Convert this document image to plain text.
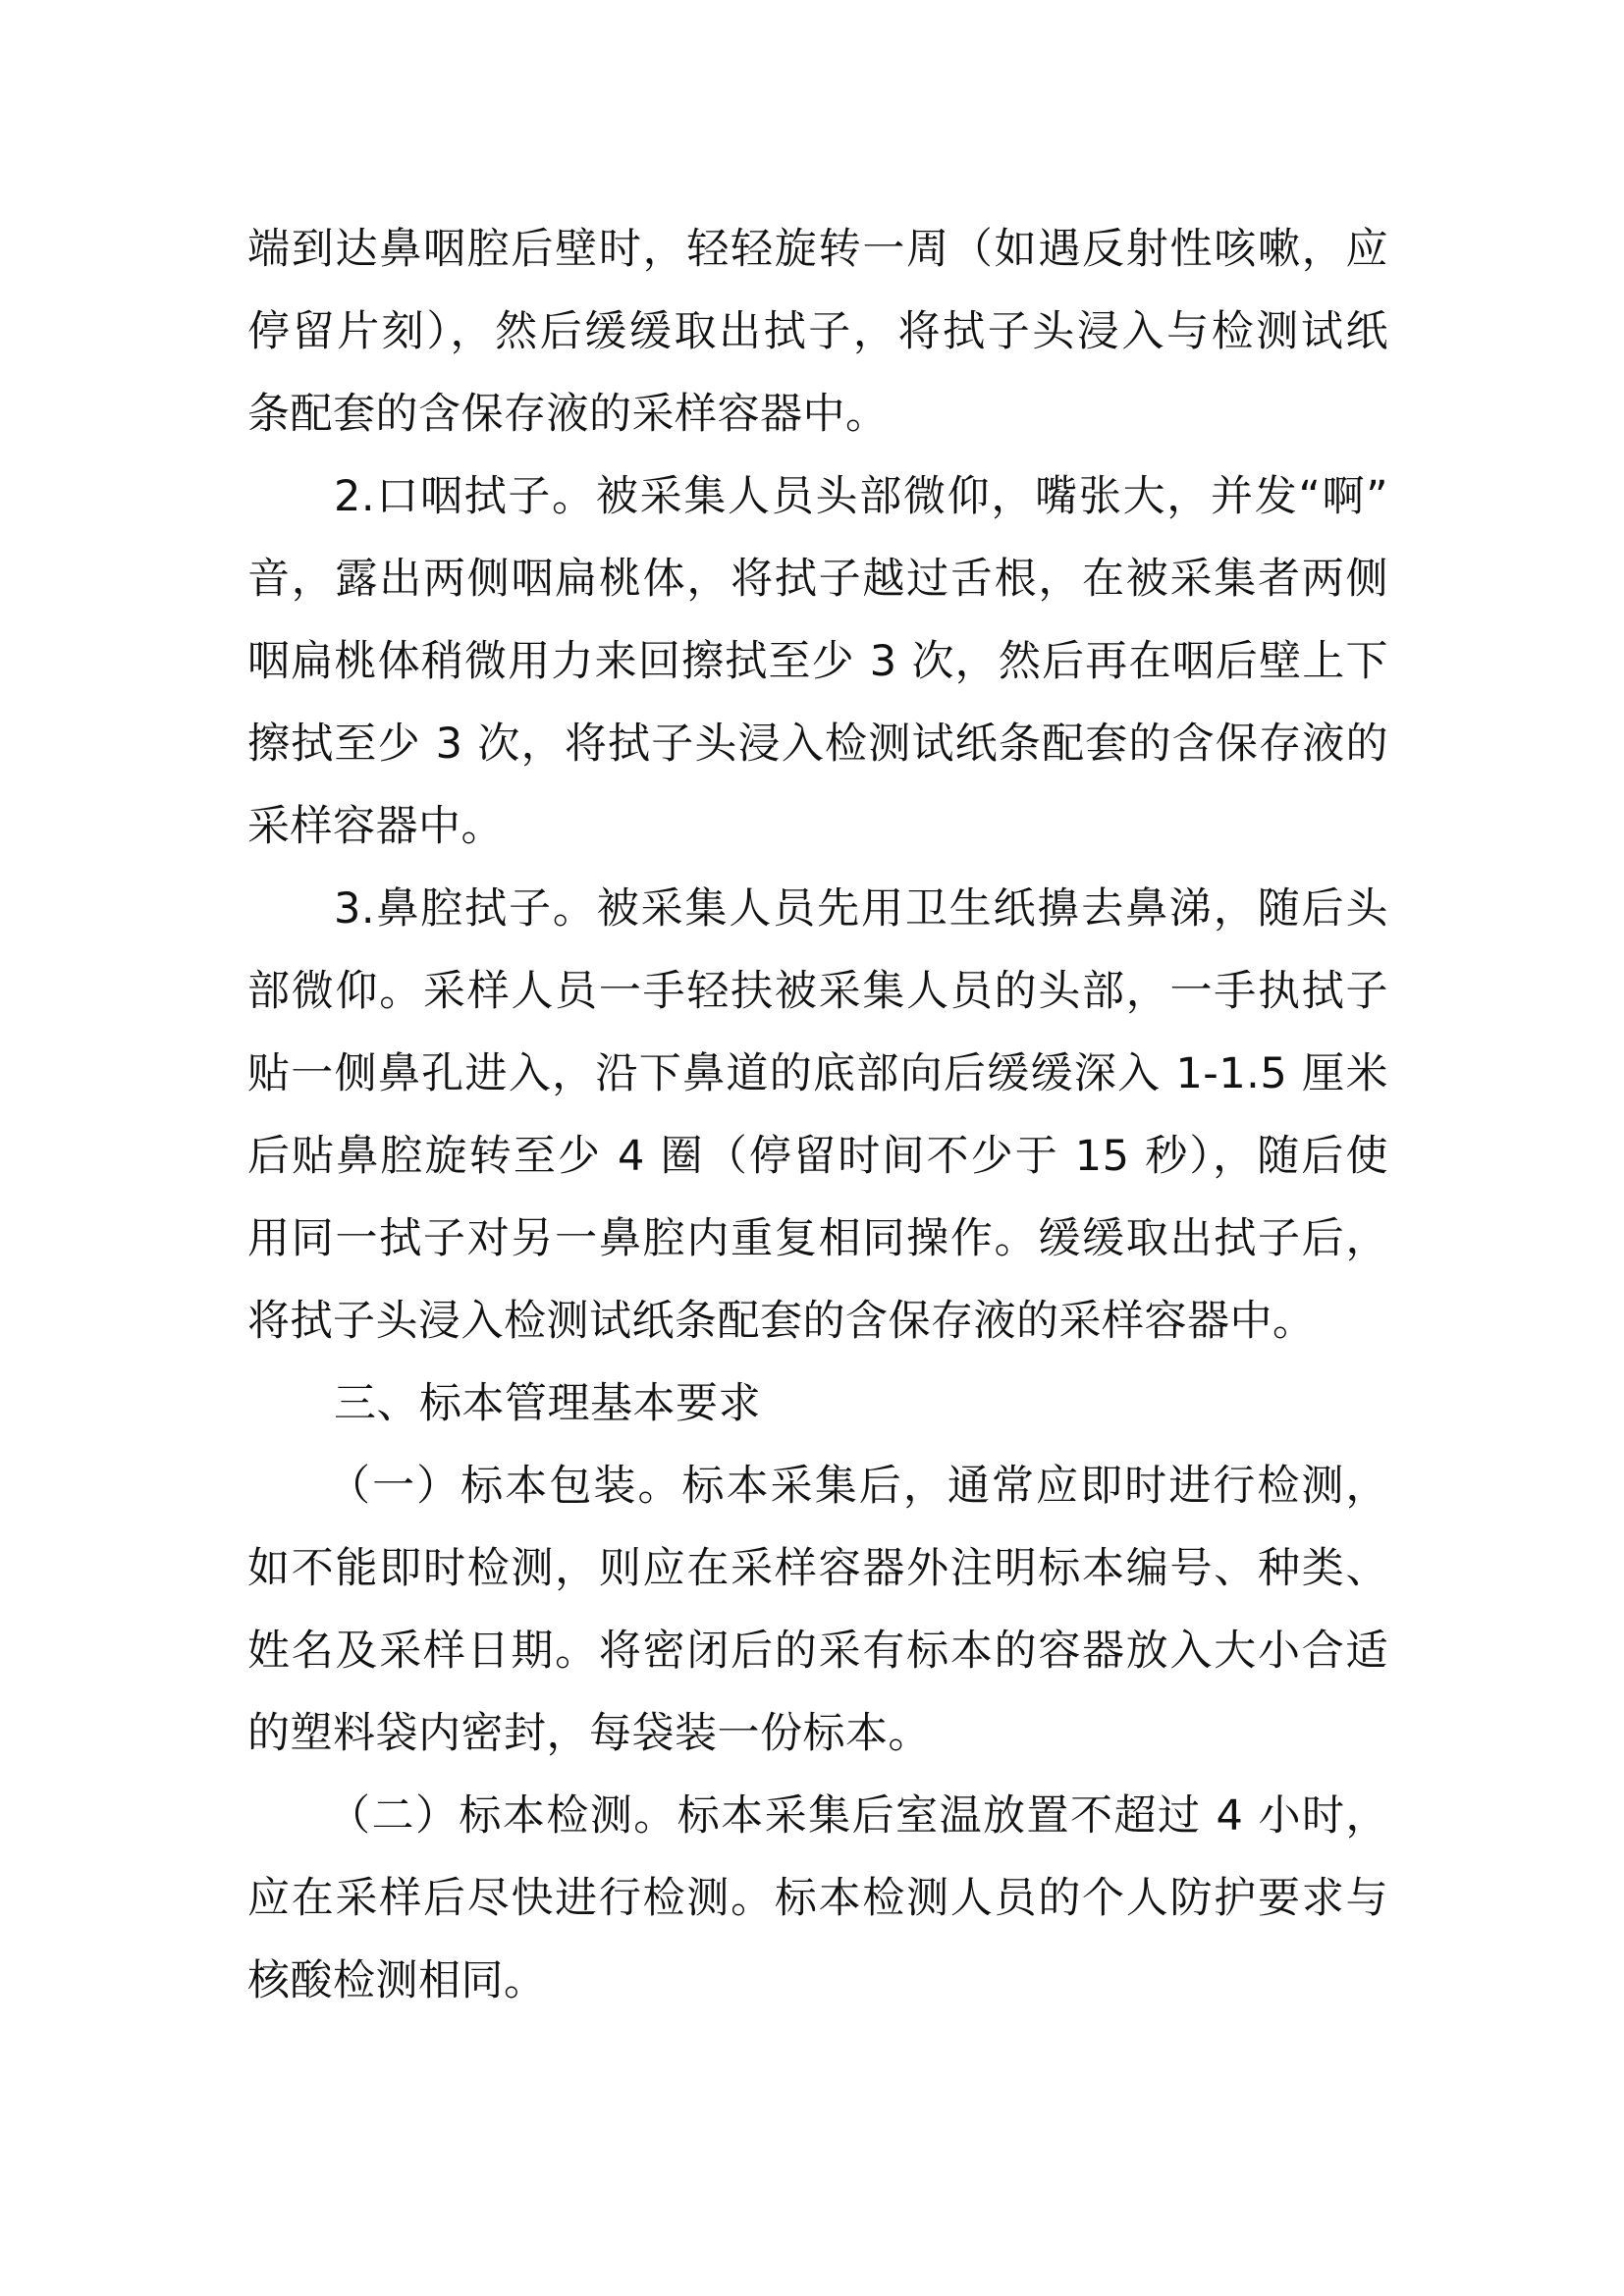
端到达鼻咽腔后壁时，轻轻旋转一周（如遇反射性咳嗽，应
停留片刻），然后缓缓取出拭子，将拭子头浸入与检测试纸
条配套的含保存液的采样容器中。
2.口咽拭子。被采集人员头部微仰，嘴张大，并发“啊”
音，露出两侧咽扁桃体，将拭子越过舌根，在被采集者两侧
咽扁桃体稍微用力来回擦拭至少 3 次，然后再在咽后壁上下
擦拭至少 3 次，将拭子头浸入检测试纸条配套的含保存液的
采样容器中。
3.鼻腔拭子。被采集人员先用卫生纸擤去鼻涕，随后头
部微仰。采样人员一手轻扶被采集人员的头部，一手执拭子
贴一侧鼻孔进入，沿下鼻道的底部向后缓缓深入 1-1.5 厘米
后贴鼻腔旋转至少 4 圈（停留时间不少于 15 秒），随后使
用同一拭子对另一鼻腔内重复相同操作。缓缓取出拭子后，
将拭子头浸入检测试纸条配套的含保存液的采样容器中。
三、标本管理基本要求
（一）标本包装。标本采集后，通常应即时进行检测，
如不能即时检测，则应在采样容器外注明标本编号、种类、
姓名及采样日期。将密闭后的采有标本的容器放入大小合适
的塑料袋内密封，每袋装一份标本。
（二）标本检测。标本采集后室温放置不超过 4 小时，
应在采样后尽快进行检测。标本检测人员的个人防护要求与
核酸检测相同。
